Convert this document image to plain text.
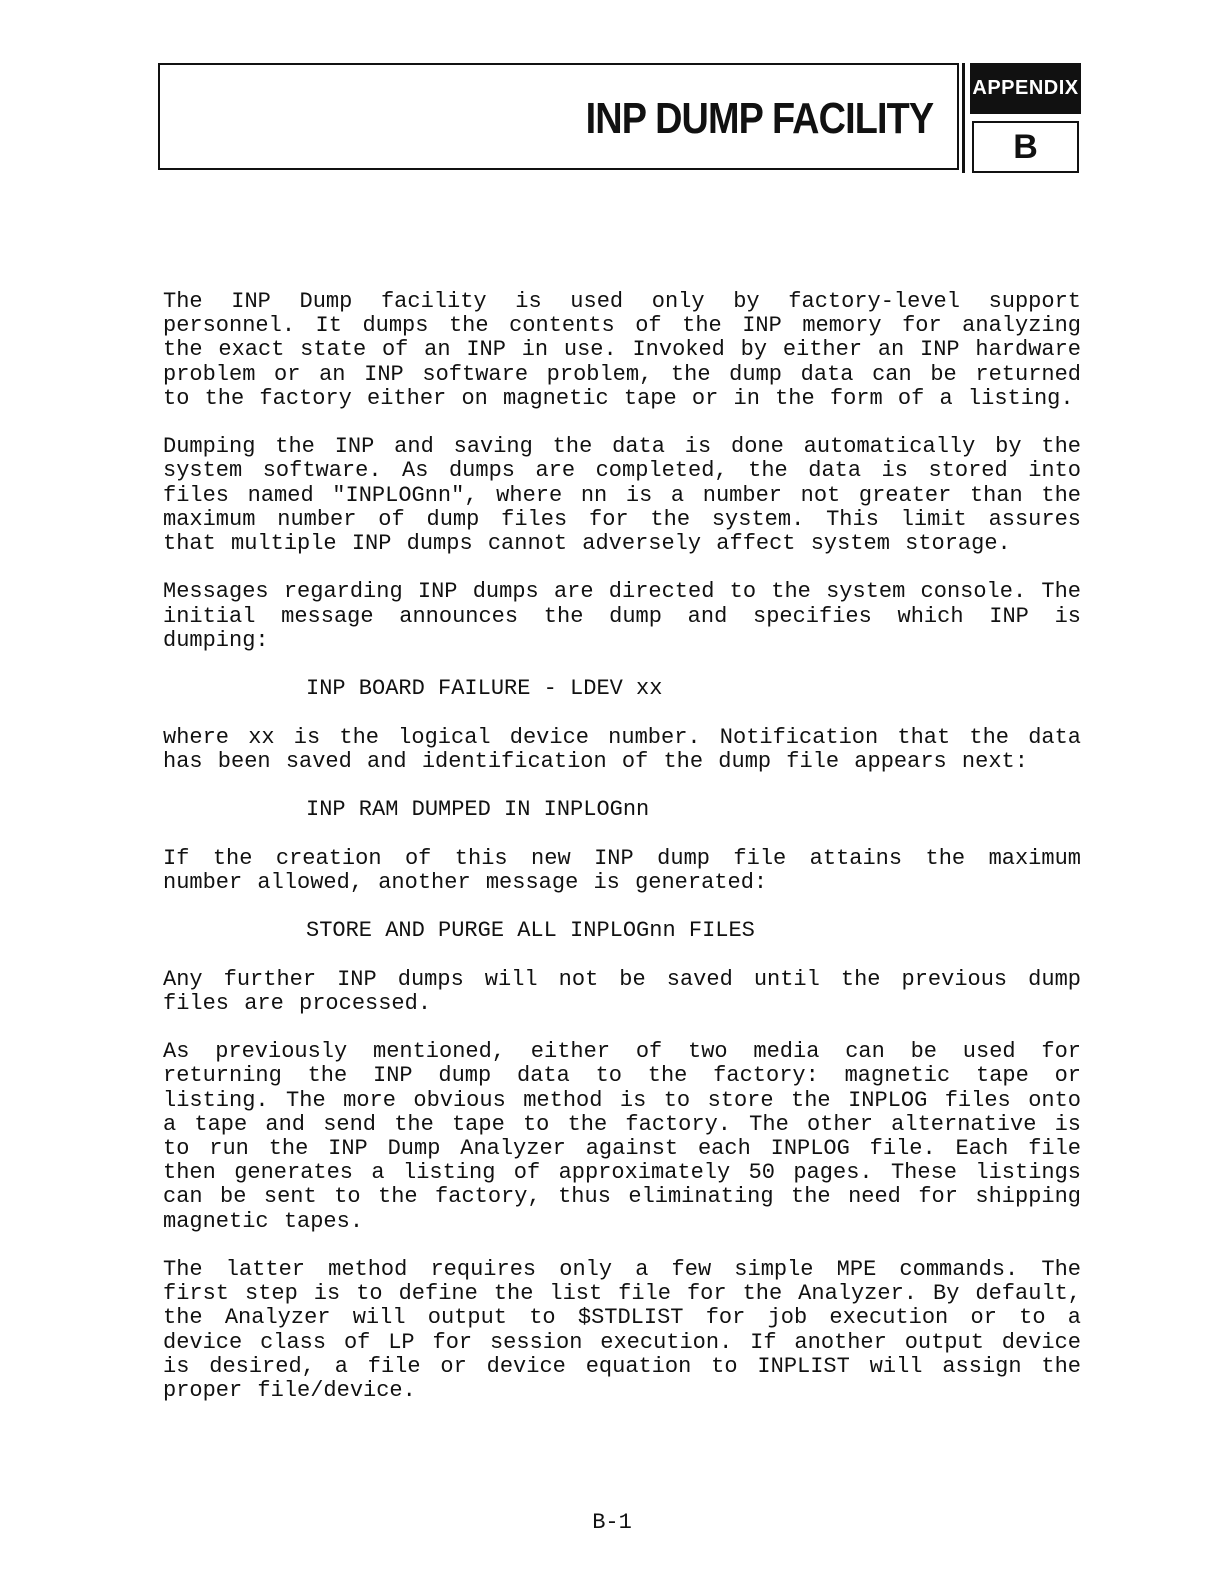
INP DUMP FACILITY
APPENDIX
B

The INP Dump facility is used only by factory-level support personnel. It dumps the contents of the INP memory for analyzing the exact state of an INP in use. Invoked by either an INP hardware problem or an INP software problem, the dump data can be returned to the factory either on magnetic tape or in the form of a listing.

Dumping the INP and saving the data is done automatically by the system software. As dumps are completed, the data is stored into files named "INPLOGnn", where nn is a number not greater than the maximum number of dump files for the system. This limit assures that multiple INP dumps cannot adversely affect system storage.

Messages regarding INP dumps are directed to the system console. The initial message announces the dump and specifies which INP is dumping:

INP BOARD FAILURE - LDEV xx

where xx is the logical device number. Notification that the data has been saved and identification of the dump file appears next:

INP RAM DUMPED IN INPLOGnn

If the creation of this new INP dump file attains the maximum number allowed, another message is generated:

STORE AND PURGE ALL INPLOGnn FILES

Any further INP dumps will not be saved until the previous dump files are processed.

As previously mentioned, either of two media can be used for returning the INP dump data to the factory: magnetic tape or listing. The more obvious method is to store the INPLOG files onto a tape and send the tape to the factory. The other alternative is to run the INP Dump Analyzer against each INPLOG file. Each file then generates a listing of approximately 50 pages. These listings can be sent to the factory, thus eliminating the need for shipping magnetic tapes.

The latter method requires only a few simple MPE commands. The first step is to define the list file for the Analyzer. By default, the Analyzer will output to $STDLIST for job execution or to a device class of LP for session execution. If another output device is desired, a file or device equation to INPLIST will assign the proper file/device.

B-1
